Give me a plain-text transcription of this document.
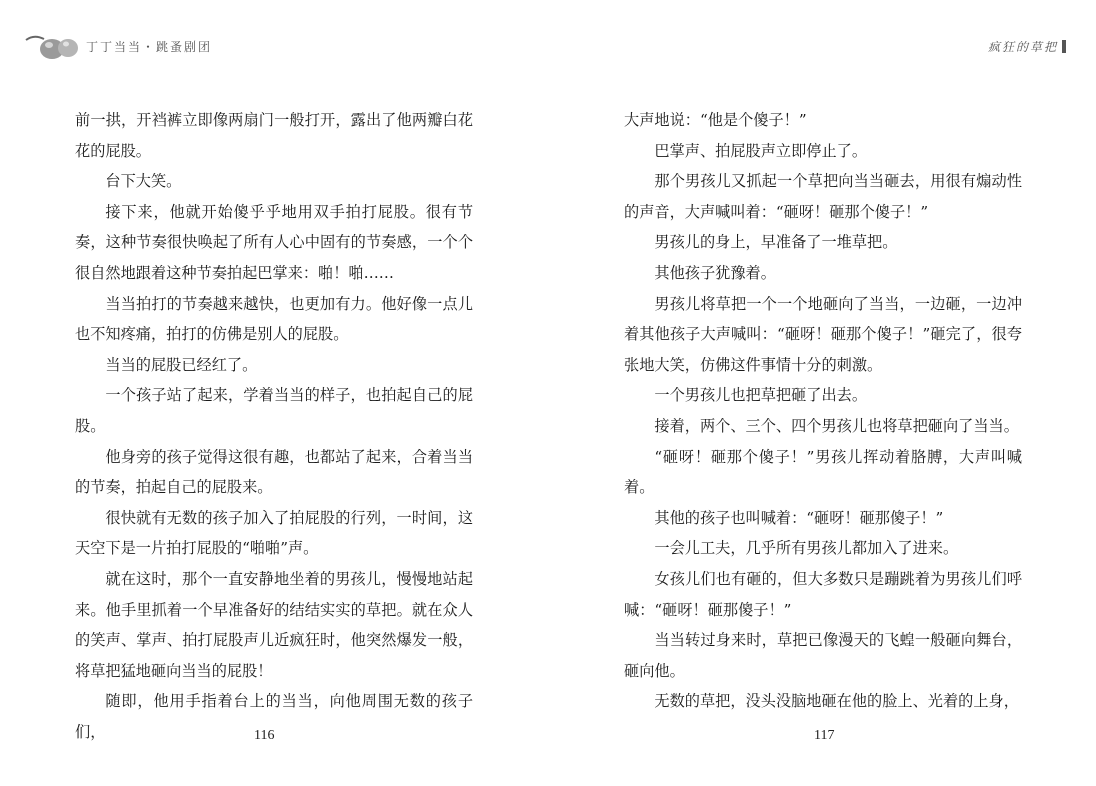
丁丁当当・跳蚤剧团	疯狂的草把

前一拱，开裆裤立即像两扇门一般打开，露出了他两瓣白花花的屁股。

台下大笑。

接下来，他就开始傻乎乎地用双手拍打屁股。很有节奏，这种节奏很快唤起了所有人心中固有的节奏感，一个个很自然地跟着这种节奏拍起巴掌来：啪！啪……

当当拍打的节奏越来越快，也更加有力。他好像一点儿也不知疼痛，拍打的仿佛是别人的屁股。

当当的屁股已经红了。

一个孩子站了起来，学着当当的样子，也拍起自己的屁股。

他身旁的孩子觉得这很有趣，也都站了起来，合着当当的节奏，拍起自己的屁股来。

很快就有无数的孩子加入了拍屁股的行列，一时间，这天空下是一片拍打屁股的“啪啪”声。

就在这时，那个一直安静地坐着的男孩儿，慢慢地站起来。他手里抓着一个早准备好的结结实实的草把。就在众人的笑声、掌声、拍打屁股声儿近疯狂时，他突然爆发一般，将草把猛地砸向当当的屁股！

随即，他用手指着台上的当当，向他周围无数的孩子们，

大声地说：“他是个傻子！”

巴掌声、拍屁股声立即停止了。

那个男孩儿又抓起一个草把向当当砸去，用很有煽动性的声音，大声喊叫着：“砸呀！砸那个傻子！”

男孩儿的身上，早准备了一堆草把。

其他孩子犹豫着。

男孩儿将草把一个一个地砸向了当当，一边砸，一边冲着其他孩子大声喊叫：“砸呀！砸那个傻子！”砸完了，很夸张地大笑，仿佛这件事情十分的刺激。

一个男孩儿也把草把砸了出去。

接着，两个、三个、四个男孩儿也将草把砸向了当当。

“砸呀！砸那个傻子！”男孩儿挥动着胳膊，大声叫喊着。

其他的孩子也叫喊着：“砸呀！砸那傻子！”

一会儿工夫，几乎所有男孩儿都加入了进来。

女孩儿们也有砸的，但大多数只是蹦跳着为男孩儿们呼喊：“砸呀！砸那傻子！”

当当转过身来时，草把已像漫天的飞蝗一般砸向舞台，砸向他。

无数的草把，没头没脑地砸在他的脸上、光着的上身，

116	117
